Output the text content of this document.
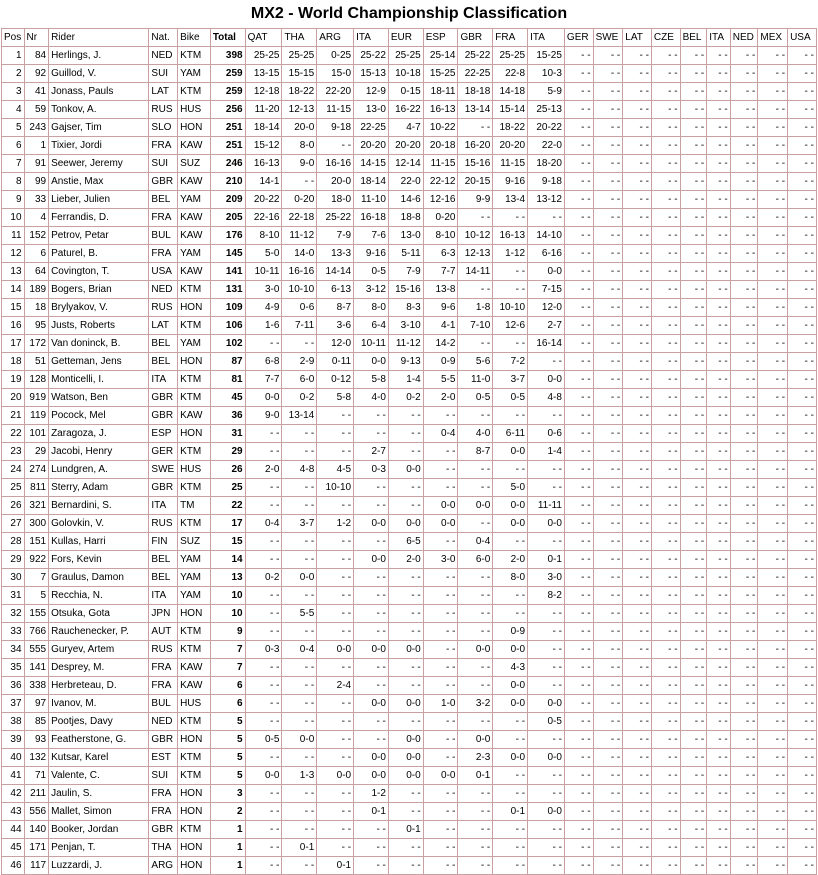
MX2 - World Championship Classification
Pos	Nr	Rider	Nat.	Bike	Total	QAT	THA	ARG	ITA	EUR	ESP	GBR	FRA	ITA	GER	SWE	LAT	CZE	BEL	ITA	NED	MEX	USA
1	84	Herlings, J.	NED	KTM	398	25-25	25-25	0-25	25-22	25-25	25-14	25-22	25-25	15-25	- -	- -	- -	- -	- -	- -	- -	- -	- -
2	92	Guillod, V.	SUI	YAM	259	13-15	15-15	15-0	15-13	10-18	15-25	22-25	22-8	10-3	- -	- -	- -	- -	- -	- -	- -	- -	- -
3	41	Jonass, Pauls	LAT	KTM	259	12-18	18-22	22-20	12-9	0-15	18-11	18-18	14-18	5-9	- -	- -	- -	- -	- -	- -	- -	- -	- -
4	59	Tonkov, A.	RUS	HUS	256	11-20	12-13	11-15	13-0	16-22	16-13	13-14	15-14	25-13	- -	- -	- -	- -	- -	- -	- -	- -	- -
5	243	Gajser, Tim	SLO	HON	251	18-14	20-0	9-18	22-25	4-7	10-22	- -	18-22	20-22	- -	- -	- -	- -	- -	- -	- -	- -	- -
6	1	Tixier, Jordi	FRA	KAW	251	15-12	8-0	- -	20-20	20-20	20-18	16-20	20-20	22-0	- -	- -	- -	- -	- -	- -	- -	- -	- -
7	91	Seewer, Jeremy	SUI	SUZ	246	16-13	9-0	16-16	14-15	12-14	11-15	15-16	11-15	18-20	- -	- -	- -	- -	- -	- -	- -	- -	- -
8	99	Anstie, Max	GBR	KAW	210	14-1	- -	20-0	18-14	22-0	22-12	20-15	9-16	9-18	- -	- -	- -	- -	- -	- -	- -	- -	- -
9	33	Lieber, Julien	BEL	YAM	209	20-22	0-20	18-0	11-10	14-6	12-16	9-9	13-4	13-12	- -	- -	- -	- -	- -	- -	- -	- -	- -
10	4	Ferrandis, D.	FRA	KAW	205	22-16	22-18	25-22	16-18	18-8	0-20	- -	- -	- -	- -	- -	- -	- -	- -	- -	- -	- -	- -
11	152	Petrov, Petar	BUL	KAW	176	8-10	11-12	7-9	7-6	13-0	8-10	10-12	16-13	14-10	- -	- -	- -	- -	- -	- -	- -	- -	- -
12	6	Paturel, B.	FRA	YAM	145	5-0	14-0	13-3	9-16	5-11	6-3	12-13	1-12	6-16	- -	- -	- -	- -	- -	- -	- -	- -	- -
13	64	Covington, T.	USA	KAW	141	10-11	16-16	14-14	0-5	7-9	7-7	14-11	- -	0-0	- -	- -	- -	- -	- -	- -	- -	- -	- -
14	189	Bogers, Brian	NED	KTM	131	3-0	10-10	6-13	3-12	15-16	13-8	- -	- -	7-15	- -	- -	- -	- -	- -	- -	- -	- -	- -
15	18	Brylyakov, V.	RUS	HON	109	4-9	0-6	8-7	8-0	8-3	9-6	1-8	10-10	12-0	- -	- -	- -	- -	- -	- -	- -	- -	- -
16	95	Justs, Roberts	LAT	KTM	106	1-6	7-11	3-6	6-4	3-10	4-1	7-10	12-6	2-7	- -	- -	- -	- -	- -	- -	- -	- -	- -
17	172	Van doninck, B.	BEL	YAM	102	- -	- -	12-0	10-11	11-12	14-2	- -	- -	16-14	- -	- -	- -	- -	- -	- -	- -	- -	- -
18	51	Getteman, Jens	BEL	HON	87	6-8	2-9	0-11	0-0	9-13	0-9	5-6	7-2	- -	- -	- -	- -	- -	- -	- -	- -	- -	- -
19	128	Monticelli, I.	ITA	KTM	81	7-7	6-0	0-12	5-8	1-4	5-5	11-0	3-7	0-0	- -	- -	- -	- -	- -	- -	- -	- -	- -
20	919	Watson, Ben	GBR	KTM	45	0-0	0-2	5-8	4-0	0-2	2-0	0-5	0-5	4-8	- -	- -	- -	- -	- -	- -	- -	- -	- -
21	119	Pocock, Mel	GBR	KAW	36	9-0	13-14	- -	- -	- -	- -	- -	- -	- -	- -	- -	- -	- -	- -	- -	- -	- -	- -
22	101	Zaragoza, J.	ESP	HON	31	- -	- -	- -	- -	- -	0-4	4-0	6-11	0-6	- -	- -	- -	- -	- -	- -	- -	- -	- -
23	29	Jacobi, Henry	GER	KTM	29	- -	- -	- -	2-7	- -	- -	8-7	0-0	1-4	- -	- -	- -	- -	- -	- -	- -	- -	- -
24	274	Lundgren, A.	SWE	HUS	26	2-0	4-8	4-5	0-3	0-0	- -	- -	- -	- -	- -	- -	- -	- -	- -	- -	- -	- -	- -
25	811	Sterry, Adam	GBR	KTM	25	- -	- -	10-10	- -	- -	- -	- -	5-0	- -	- -	- -	- -	- -	- -	- -	- -	- -	- -
26	321	Bernardini, S.	ITA	TM	22	- -	- -	- -	- -	- -	0-0	0-0	0-0	11-11	- -	- -	- -	- -	- -	- -	- -	- -	- -
27	300	Golovkin, V.	RUS	KTM	17	0-4	3-7	1-2	0-0	0-0	0-0	- -	0-0	0-0	- -	- -	- -	- -	- -	- -	- -	- -	- -
28	151	Kullas, Harri	FIN	SUZ	15	- -	- -	- -	- -	6-5	- -	0-4	- -	- -	- -	- -	- -	- -	- -	- -	- -	- -	- -
29	922	Fors, Kevin	BEL	YAM	14	- -	- -	- -	0-0	2-0	3-0	6-0	2-0	0-1	- -	- -	- -	- -	- -	- -	- -	- -	- -
30	7	Graulus, Damon	BEL	YAM	13	0-2	0-0	- -	- -	- -	- -	- -	8-0	3-0	- -	- -	- -	- -	- -	- -	- -	- -	- -
31	5	Recchia, N.	ITA	YAM	10	- -	- -	- -	- -	- -	- -	- -	- -	8-2	- -	- -	- -	- -	- -	- -	- -	- -	- -
32	155	Otsuka, Gota	JPN	HON	10	- -	5-5	- -	- -	- -	- -	- -	- -	- -	- -	- -	- -	- -	- -	- -	- -	- -	- -
33	766	Rauchenecker, P.	AUT	KTM	9	- -	- -	- -	- -	- -	- -	- -	0-9	- -	- -	- -	- -	- -	- -	- -	- -	- -	- -
34	555	Guryev, Artem	RUS	KTM	7	0-3	0-4	0-0	0-0	0-0	- -	0-0	0-0	- -	- -	- -	- -	- -	- -	- -	- -	- -	- -
35	141	Desprey, M.	FRA	KAW	7	- -	- -	- -	- -	- -	- -	- -	4-3	- -	- -	- -	- -	- -	- -	- -	- -	- -	- -
36	338	Herbreteau, D.	FRA	KAW	6	- -	- -	2-4	- -	- -	- -	- -	0-0	- -	- -	- -	- -	- -	- -	- -	- -	- -	- -
37	97	Ivanov, M.	BUL	HUS	6	- -	- -	- -	0-0	0-0	1-0	3-2	0-0	0-0	- -	- -	- -	- -	- -	- -	- -	- -	- -
38	85	Pootjes, Davy	NED	KTM	5	- -	- -	- -	- -	- -	- -	- -	- -	0-5	- -	- -	- -	- -	- -	- -	- -	- -	- -
39	93	Featherstone, G.	GBR	HON	5	0-5	0-0	- -	- -	0-0	- -	0-0	- -	- -	- -	- -	- -	- -	- -	- -	- -	- -	- -
40	132	Kutsar, Karel	EST	KTM	5	- -	- -	- -	0-0	0-0	- -	2-3	0-0	0-0	- -	- -	- -	- -	- -	- -	- -	- -	- -
41	71	Valente, C.	SUI	KTM	5	0-0	1-3	0-0	0-0	0-0	0-0	0-1	- -	- -	- -	- -	- -	- -	- -	- -	- -	- -	- -
42	211	Jaulin, S.	FRA	HON	3	- -	- -	- -	1-2	- -	- -	- -	- -	- -	- -	- -	- -	- -	- -	- -	- -	- -	- -
43	556	Mallet, Simon	FRA	HON	2	- -	- -	- -	0-1	- -	- -	- -	0-1	0-0	- -	- -	- -	- -	- -	- -	- -	- -	- -
44	140	Booker, Jordan	GBR	KTM	1	- -	- -	- -	- -	0-1	- -	- -	- -	- -	- -	- -	- -	- -	- -	- -	- -	- -	- -
45	171	Penjan, T.	THA	HON	1	- -	0-1	- -	- -	- -	- -	- -	- -	- -	- -	- -	- -	- -	- -	- -	- -	- -	- -
46	117	Luzzardi, J.	ARG	HON	1	- -	- -	0-1	- -	- -	- -	- -	- -	- -	- -	- -	- -	- -	- -	- -	- -	- -	- -
